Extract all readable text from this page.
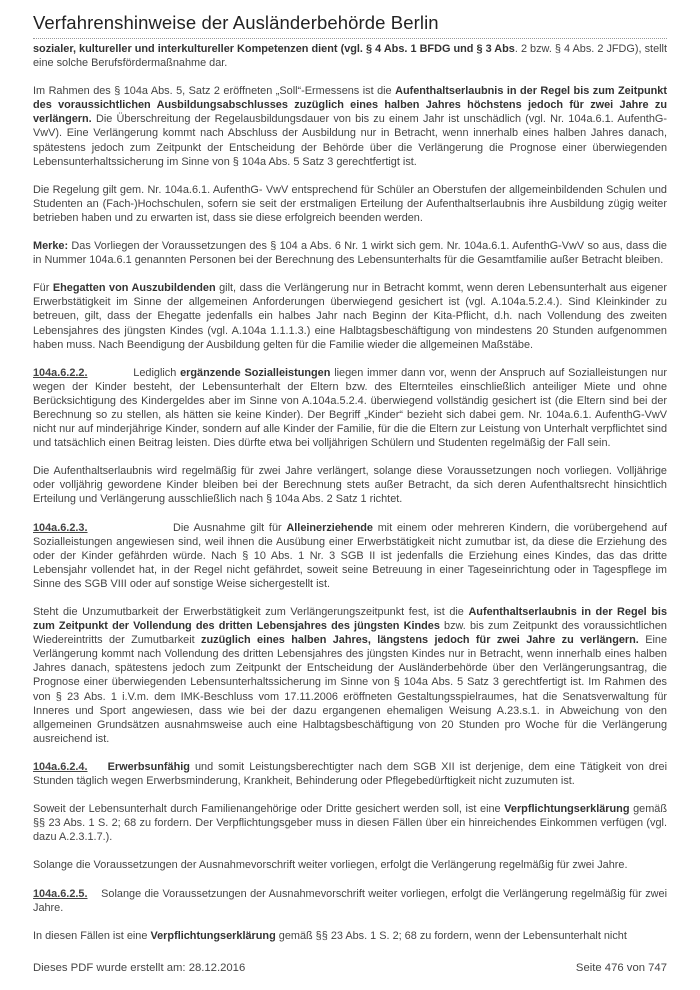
Verfahrenshinweise der Ausländerbehörde Berlin

sozialer, kultureller und interkultureller Kompetenzen dient (vgl. § 4 Abs. 1 BFDG und § 3 Abs. 2 bzw. § 4 Abs. 2 JFDG), stellt eine solche Berufsfördermaßnahme dar.

Im Rahmen des § 104a Abs. 5, Satz 2 eröffneten „Soll“-Ermessens ist die Aufenthaltserlaubnis in der Regel bis zum Zeitpunkt des voraussichtlichen Ausbildungsabschlusses zuzüglich eines halben Jahres höchstens jedoch für zwei Jahre zu verlängern. Die Überschreitung der Regelausbildungsdauer von bis zu einem Jahr ist unschädlich (vgl. Nr. 104a.6.1. AufenthG-VwV). Eine Verlängerung kommt nach Abschluss der Ausbildung nur in Betracht, wenn innerhalb eines halben Jahres danach, spätestens jedoch zum Zeitpunkt der Entscheidung der Behörde über die Verlängerung die Prognose einer überwiegenden Lebensunterhaltssicherung im Sinne von § 104a Abs. 5 Satz 3 gerechtfertigt ist.

Die Regelung gilt gem. Nr. 104a.6.1. AufenthG- VwV entsprechend für Schüler an Oberstufen der allgemeinbildenden Schulen und Studenten an (Fach-)Hochschulen, sofern sie seit der erstmaligen Erteilung der Aufenthaltserlaubnis ihre Ausbildung zügig weiter betrieben haben und zu erwarten ist, dass sie diese erfolgreich beenden werden.

Merke: Das Vorliegen der Voraussetzungen des § 104 a Abs. 6 Nr. 1 wirkt sich gem. Nr. 104a.6.1. AufenthG-VwV so aus, dass die in Nummer 104a.6.1 genannten Personen bei der Berechnung des Lebensunterhalts für die Gesamtfamilie außer Betracht bleiben.

Für Ehegatten von Auszubildenden gilt, dass die Verlängerung nur in Betracht kommt, wenn deren Lebensunterhalt aus eigener Erwerbstätigkeit im Sinne der allgemeinen Anforderungen überwiegend gesichert ist (vgl. A.104a.5.2.4.). Sind Kleinkinder zu betreuen, gilt, dass der Ehegatte jedenfalls ein halbes Jahr nach Beginn der Kita-Pflicht, d.h. nach Vollendung des zweiten Lebensjahres des jüngsten Kindes (vgl. A.104a 1.1.1.3.) eine Halbtagsbeschäftigung von mindestens 20 Stunden aufgenommen haben muss. Nach Beendigung der Ausbildung gelten für die Familie wieder die allgemeinen Maßstäbe.

104a.6.2.2.	Lediglich ergänzende Sozialleistungen liegen immer dann vor, wenn der Anspruch auf Sozialleistungen nur wegen der Kinder besteht, der Lebensunterhalt der Eltern bzw. des Elternteiles einschließlich anteiliger Miete und ohne Berücksichtigung des Kindergeldes aber im Sinne von A.104a.5.2.4. überwiegend vollständig gesichert ist (die Eltern sind bei der Berechnung so zu stellen, als hätten sie keine Kinder). Der Begriff „Kinder“ bezieht sich dabei gem. Nr. 104a.6.1. AufenthG-VwV nicht nur auf minderjährige Kinder, sondern auf alle Kinder der Familie, für die die Eltern zur Leistung von Unterhalt verpflichtet sind und tatsächlich einen Beitrag leisten. Dies dürfte etwa bei volljährigen Schülern und Studenten regelmäßig der Fall sein.

Die Aufenthaltserlaubnis wird regelmäßig für zwei Jahre verlängert, solange diese Voraussetzungen noch vorliegen. Volljährige oder volljährig gewordene Kinder bleiben bei der Berechnung stets außer Betracht, da sich deren Aufenthaltsrecht hinsichtlich Erteilung und Verlängerung ausschließlich nach § 104a Abs. 2 Satz 1 richtet.

104a.6.2.3.	Die Ausnahme gilt für Alleinerziehende mit einem oder mehreren Kindern, die vorübergehend auf Sozialleistungen angewiesen sind, weil ihnen die Ausübung einer Erwerbstätigkeit nicht zumutbar ist, da diese die Erziehung des oder der Kinder gefährden würde. Nach § 10 Abs. 1 Nr. 3 SGB II ist jedenfalls die Erziehung eines Kindes, das das dritte Lebensjahr vollendet hat, in der Regel nicht gefährdet, soweit seine Betreuung in einer Tageseinrichtung oder in Tagespflege im Sinne des SGB VIII oder auf sonstige Weise sichergestellt ist.

Steht die Unzumutbarkeit der Erwerbstätigkeit zum Verlängerungszeitpunkt fest, ist die Aufenthaltserlaubnis in der Regel bis zum Zeitpunkt der Vollendung des dritten Lebensjahres des jüngsten Kindes bzw. bis zum Zeitpunkt des voraussichtlichen Wiedereintritts der Zumutbarkeit zuzüglich eines halben Jahres, längstens jedoch für zwei Jahre zu verlängern. Eine Verlängerung kommt nach Vollendung des dritten Lebensjahres des jüngsten Kindes nur in Betracht, wenn innerhalb eines halben Jahres danach, spätestens jedoch zum Zeitpunkt der Entscheidung der Ausländerbehörde über den Verlängerungsantrag, die Prognose einer überwiegenden Lebensunterhaltssicherung im Sinne von § 104a Abs. 5 Satz 3 gerechtfertigt ist. Im Rahmen des von § 23 Abs. 1 i.V.m. dem IMK-Beschluss vom 17.11.2006 eröffneten Gestaltungsspielraumes, hat die Senatsverwaltung für Inneres und Sport angewiesen, dass wie bei der dazu ergangenen ehemaligen Weisung A.23.s.1. in Abweichung von den allgemeinen Grundsätzen ausnahmsweise auch eine Halbtagsbeschäftigung von 20 Stunden pro Woche für die Verlängerung ausreichend ist.

104a.6.2.4. Erwerbsunfähig und somit Leistungsberechtigter nach dem SGB XII ist derjenige, dem eine Tätigkeit von drei Stunden täglich wegen Erwerbsminderung, Krankheit, Behinderung oder Pflegebedürftigkeit nicht zuzumuten ist.

Soweit der Lebensunterhalt durch Familienangehörige oder Dritte gesichert werden soll, ist eine Verpflichtungserklärung gemäß §§ 23 Abs. 1 S. 2; 68 zu fordern. Der Verpflichtungsgeber muss in diesen Fällen über ein hinreichendes Einkommen verfügen (vgl. dazu A.2.3.1.7.).

Solange die Voraussetzungen der Ausnahmevorschrift weiter vorliegen, erfolgt die Verlängerung regelmäßig für zwei Jahre.

104a.6.2.5. Solange die Voraussetzungen der Ausnahmevorschrift weiter vorliegen, erfolgt die Verlängerung regelmäßig für zwei Jahre.

In diesen Fällen ist eine Verpflichtungserklärung gemäß §§ 23 Abs. 1 S. 2; 68 zu fordern, wenn der Lebensunterhalt nicht

Dieses PDF wurde erstellt am: 28.12.2016	Seite 476 von 747
